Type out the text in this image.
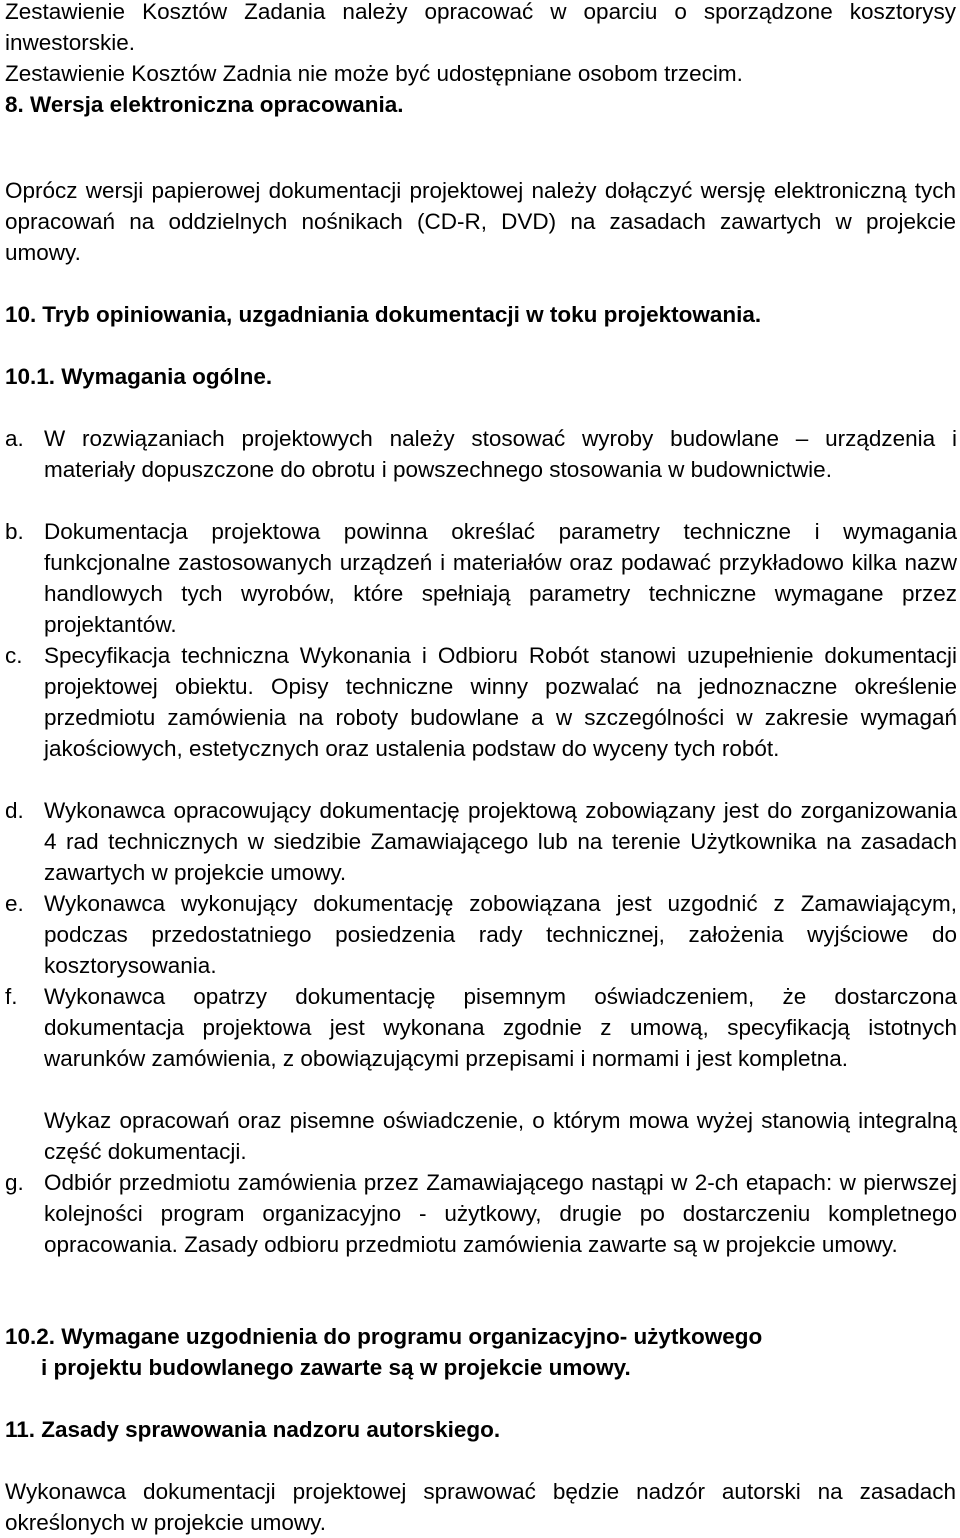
Zestawienie Kosztów Zadania należy opracować w oparciu o sporządzone kosztorysy inwestorskie.

Zestawienie Kosztów Zadnia nie może być udostępniane osobom trzecim.

8. Wersja elektroniczna opracowania.

Oprócz wersji papierowej dokumentacji projektowej należy dołączyć wersję elektroniczną tych opracowań na oddzielnych nośnikach (CD-R, DVD) na zasadach zawartych w projekcie umowy.

10. Tryb opiniowania, uzgadniania dokumentacji w toku projektowania.

10.1. Wymagania ogólne.

a. W rozwiązaniach projektowych należy stosować wyroby budowlane – urządzenia i materiały dopuszczone do obrotu i powszechnego stosowania w budownictwie.
b. Dokumentacja projektowa powinna określać parametry techniczne i wymagania funkcjonalne zastosowanych urządzeń i materiałów oraz podawać przykładowo kilka nazw handlowych tych wyrobów, które spełniają parametry techniczne wymagane przez projektantów.
c. Specyfikacja techniczna Wykonania i Odbioru Robót stanowi uzupełnienie dokumentacji projektowej obiektu. Opisy techniczne winny pozwalać na jednoznaczne określenie przedmiotu zamówienia na roboty budowlane a w szczególności w zakresie wymagań jakościowych, estetycznych oraz ustalenia podstaw do wyceny tych robót.
d. Wykonawca opracowujący dokumentację projektową zobowiązany jest do zorganizowania 4 rad technicznych w siedzibie Zamawiającego lub na terenie Użytkownika na zasadach zawartych w projekcie umowy.
e. Wykonawca wykonujący dokumentację zobowiązana jest uzgodnić z Zamawiającym, podczas przedostatniego posiedzenia rady technicznej, założenia wyjściowe do kosztorysowania.
f. Wykonawca opatrzy dokumentację pisemnym oświadczeniem, że dostarczona dokumentacja projektowa jest wykonana zgodnie z umową, specyfikacją istotnych warunków zamówienia, z obowiązującymi przepisami i normami i jest kompletna.
Wykaz opracowań oraz pisemne oświadczenie, o którym mowa wyżej stanowią integralną część dokumentacji.
g. Odbiór przedmiotu zamówienia przez Zamawiającego nastąpi w 2-ch etapach: w pierwszej kolejności program organizacyjno - użytkowy, drugie po dostarczeniu kompletnego opracowania. Zasady odbioru przedmiotu zamówienia zawarte są w projekcie umowy.
10.2. Wymagane uzgodnienia do programu organizacyjno- użytkowego
i projektu budowlanego zawarte są w projekcie umowy.

11. Zasady sprawowania nadzoru autorskiego.

Wykonawca dokumentacji projektowej sprawować będzie nadzór autorski na zasadach określonych w projekcie umowy.
